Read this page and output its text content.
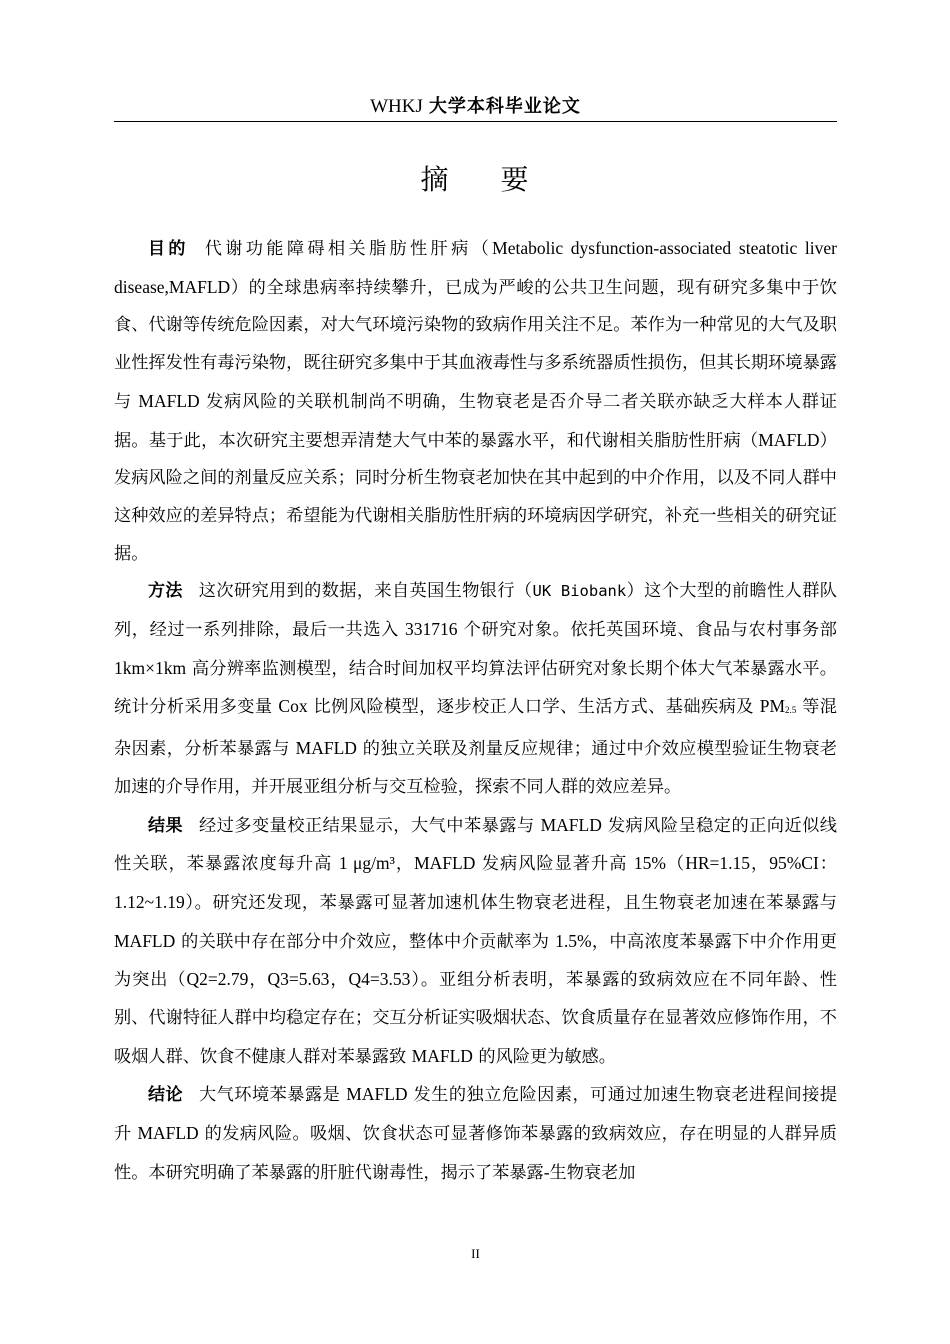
WHKJ 大学本科毕业论文
摘 要

目的 代谢功能障碍相关脂肪性肝病（Metabolic dysfunction-associated steatotic liver disease,MAFLD）的全球患病率持续攀升，已成为严峻的公共卫生问题，现有研究多集中于饮食、代谢等传统危险因素，对大气环境污染物的致病作用关注不足。苯作为一种常见的大气及职业性挥发性有毒污染物，既往研究多集中于其血液毒性与多系统器质性损伤，但其长期环境暴露与 MAFLD 发病风险的关联机制尚不明确，生物衰老是否介导二者关联亦缺乏大样本人群证据。基于此，本次研究主要想弄清楚大气中苯的暴露水平，和代谢相关脂肪性肝病（MAFLD）发病风险之间的剂量反应关系；同时分析生物衰老加快在其中起到的中介作用，以及不同人群中这种效应的差异特点；希望能为代谢相关脂肪性肝病的环境病因学研究，补充一些相关的研究证据。

方法 这次研究用到的数据，来自英国生物银行（UK Biobank）这个大型的前瞻性人群队列，经过一系列排除，最后一共选入 331716 个研究对象。依托英国环境、食品与农村事务部 1km×1km 高分辨率监测模型，结合时间加权平均算法评估研究对象长期个体大气苯暴露水平。统计分析采用多变量 Cox 比例风险模型，逐步校正人口学、生活方式、基础疾病及 $PM_{2.5}$ 等混杂因素，分析苯暴露与 MAFLD 的独立关联及剂量反应规律；通过中介效应模型验证生物衰老加速的介导作用，并开展亚组分析与交互检验，探索不同人群的效应差异。

结果 经过多变量校正结果显示，大气中苯暴露与 MAFLD 发病风险呈稳定的正向近似线性关联，苯暴露浓度每升高 1 μg/m³，MAFLD 发病风险显著升高 15%（HR=1.15，95%CI：1.12~1.19）。研究还发现，苯暴露可显著加速机体生物衰老进程，且生物衰老加速在苯暴露与 MAFLD 的关联中存在部分中介效应，整体中介贡献率为 1.5%，中高浓度苯暴露下中介作用更为突出（Q2=2.79，Q3=5.63，Q4=3.53）。亚组分析表明，苯暴露的致病效应在不同年龄、性别、代谢特征人群中均稳定存在；交互分析证实吸烟状态、饮食质量存在显著效应修饰作用，不吸烟人群、饮食不健康人群对苯暴露致 MAFLD 的风险更为敏感。

结论 大气环境苯暴露是 MAFLD 发生的独立危险因素，可通过加速生物衰老进程间接提升 MAFLD 的发病风险。吸烟、饮食状态可显著修饰苯暴露的致病效应，存在明显的人群异质性。本研究明确了苯暴露的肝脏代谢毒性，揭示了苯暴露-生物衰老加

II
